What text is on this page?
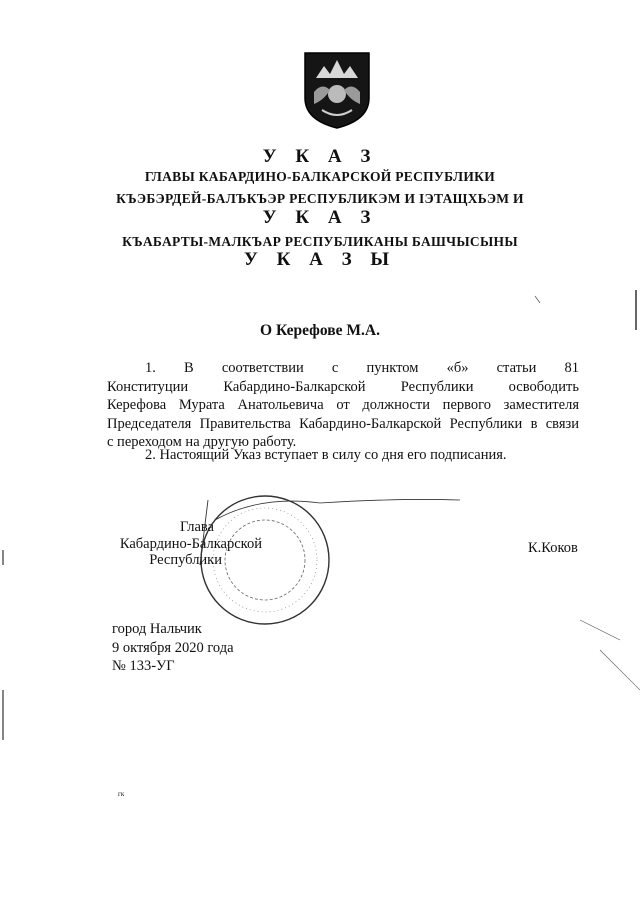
У К А З
ГЛАВЫ КАБАРДИНО-БАЛКАРСКОЙ РЕСПУБЛИКИ
КЪЭБЭРДЕЙ-БАЛЪКЪЭР РЕСПУБЛИКЭМ И IЭТАЩХЬЭМ И
У К А З
КЪАБАРТЫ-МАЛКЪАР РЕСПУБЛИКАНЫ БАШЧЫСЫНЫ
У К А З Ы
О Керефове М.А.
1. В соответствии с пунктом «б» статьи 81
Конституции Кабардино-Балкарской Республики освободить
Керефова Мурата Анатольевича от должности первого заместителя
Председателя Правительства Кабардино-Балкарской Республики в связи
с переходом на другую работу.
2. Настоящий Указ вступает в силу со дня его подписания.
Глава
Кабардино-Балкарской
Республики
К.Коков
город Нальчик
9 октября 2020 года
№ 133-УГ
гк
